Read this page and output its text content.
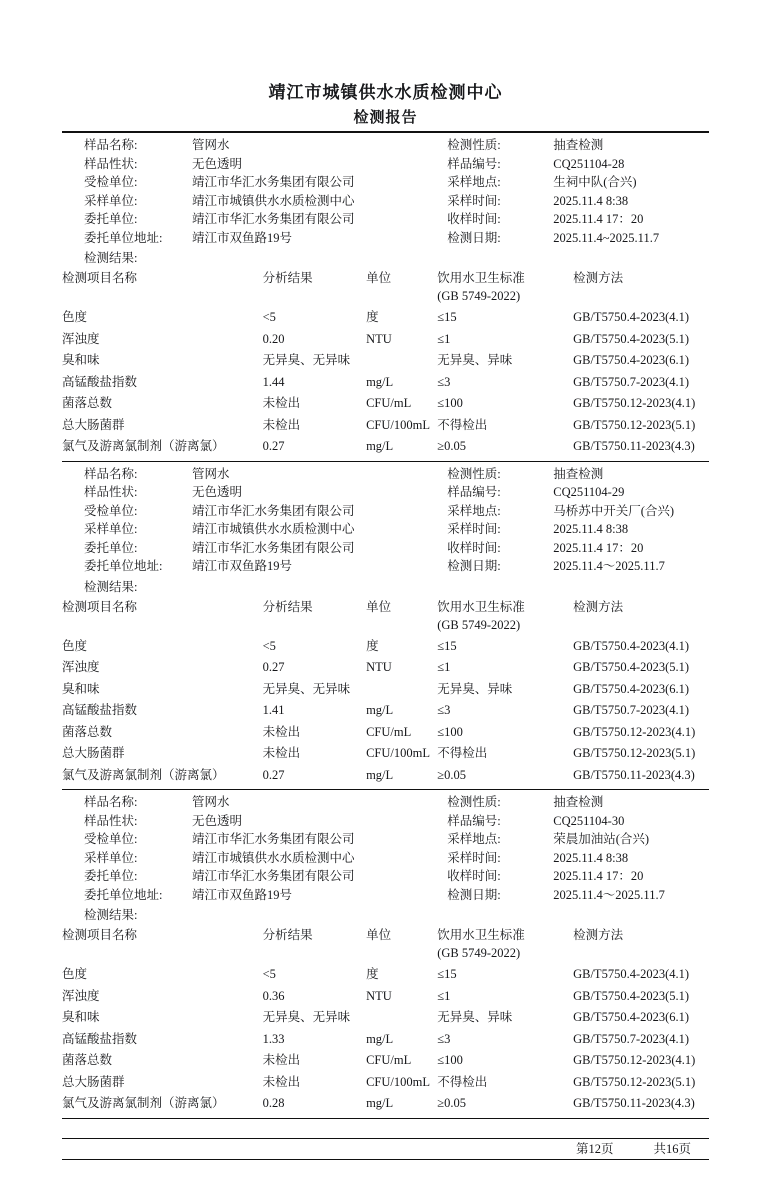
靖江市城镇供水水质检测中心
检测报告
样品名称:	管网水
样品性状:	无色透明
受检单位:	靖江市华汇水务集团有限公司
采样单位:	靖江市城镇供水水质检测中心
委托单位:	靖江市华汇水务集团有限公司
委托单位地址:	靖江市双鱼路19号
检测性质:	抽查检测
样品编号:	CQ251104-28
采样地点:	生祠中队(合兴)
采样时间:	2025.11.4 8:38
收样时间:	2025.11.4 17：20
检测日期:	2025.11.4~2025.11.7
检测结果:
检测项目名称	分析结果	单位	饮用水卫生标准	检测方法
			(GB 5749-2022)	
色度	<5	度	≤15	GB/T5750.4-2023(4.1)
浑浊度	0.20	NTU	≤1	GB/T5750.4-2023(5.1)
臭和味	无异臭、无异味		无异臭、异味	GB/T5750.4-2023(6.1)
高锰酸盐指数	1.44	mg/L	≤3	GB/T5750.7-2023(4.1)
菌落总数	未检出	CFU/mL	≤100	GB/T5750.12-2023(4.1)
总大肠菌群	未检出	CFU/100mL	不得检出	GB/T5750.12-2023(5.1)
氯气及游离氯制剂（游离氯）	0.27	mg/L	≥0.05	GB/T5750.11-2023(4.3)
样品名称:	管网水
样品性状:	无色透明
受检单位:	靖江市华汇水务集团有限公司
采样单位:	靖江市城镇供水水质检测中心
委托单位:	靖江市华汇水务集团有限公司
委托单位地址:	靖江市双鱼路19号
检测性质:	抽查检测
样品编号:	CQ251104-29
采样地点:	马桥苏中开关厂(合兴)
采样时间:	2025.11.4 8:38
收样时间:	2025.11.4 17：20
检测日期:	2025.11.4～2025.11.7
检测结果:
检测项目名称	分析结果	单位	饮用水卫生标准	检测方法
			(GB 5749-2022)	
色度	<5	度	≤15	GB/T5750.4-2023(4.1)
浑浊度	0.27	NTU	≤1	GB/T5750.4-2023(5.1)
臭和味	无异臭、无异味		无异臭、异味	GB/T5750.4-2023(6.1)
高锰酸盐指数	1.41	mg/L	≤3	GB/T5750.7-2023(4.1)
菌落总数	未检出	CFU/mL	≤100	GB/T5750.12-2023(4.1)
总大肠菌群	未检出	CFU/100mL	不得检出	GB/T5750.12-2023(5.1)
氯气及游离氯制剂（游离氯）	0.27	mg/L	≥0.05	GB/T5750.11-2023(4.3)
样品名称:	管网水
样品性状:	无色透明
受检单位:	靖江市华汇水务集团有限公司
采样单位:	靖江市城镇供水水质检测中心
委托单位:	靖江市华汇水务集团有限公司
委托单位地址:	靖江市双鱼路19号
检测性质:	抽查检测
样品编号:	CQ251104-30
采样地点:	荣晨加油站(合兴)
采样时间:	2025.11.4 8:38
收样时间:	2025.11.4 17：20
检测日期:	2025.11.4～2025.11.7
检测结果:
检测项目名称	分析结果	单位	饮用水卫生标准	检测方法
			(GB 5749-2022)	
色度	<5	度	≤15	GB/T5750.4-2023(4.1)
浑浊度	0.36	NTU	≤1	GB/T5750.4-2023(5.1)
臭和味	无异臭、无异味		无异臭、异味	GB/T5750.4-2023(6.1)
高锰酸盐指数	1.33	mg/L	≤3	GB/T5750.7-2023(4.1)
菌落总数	未检出	CFU/mL	≤100	GB/T5750.12-2023(4.1)
总大肠菌群	未检出	CFU/100mL	不得检出	GB/T5750.12-2023(5.1)
氯气及游离氯制剂（游离氯）	0.28	mg/L	≥0.05	GB/T5750.11-2023(4.3)
第12页	共16页
